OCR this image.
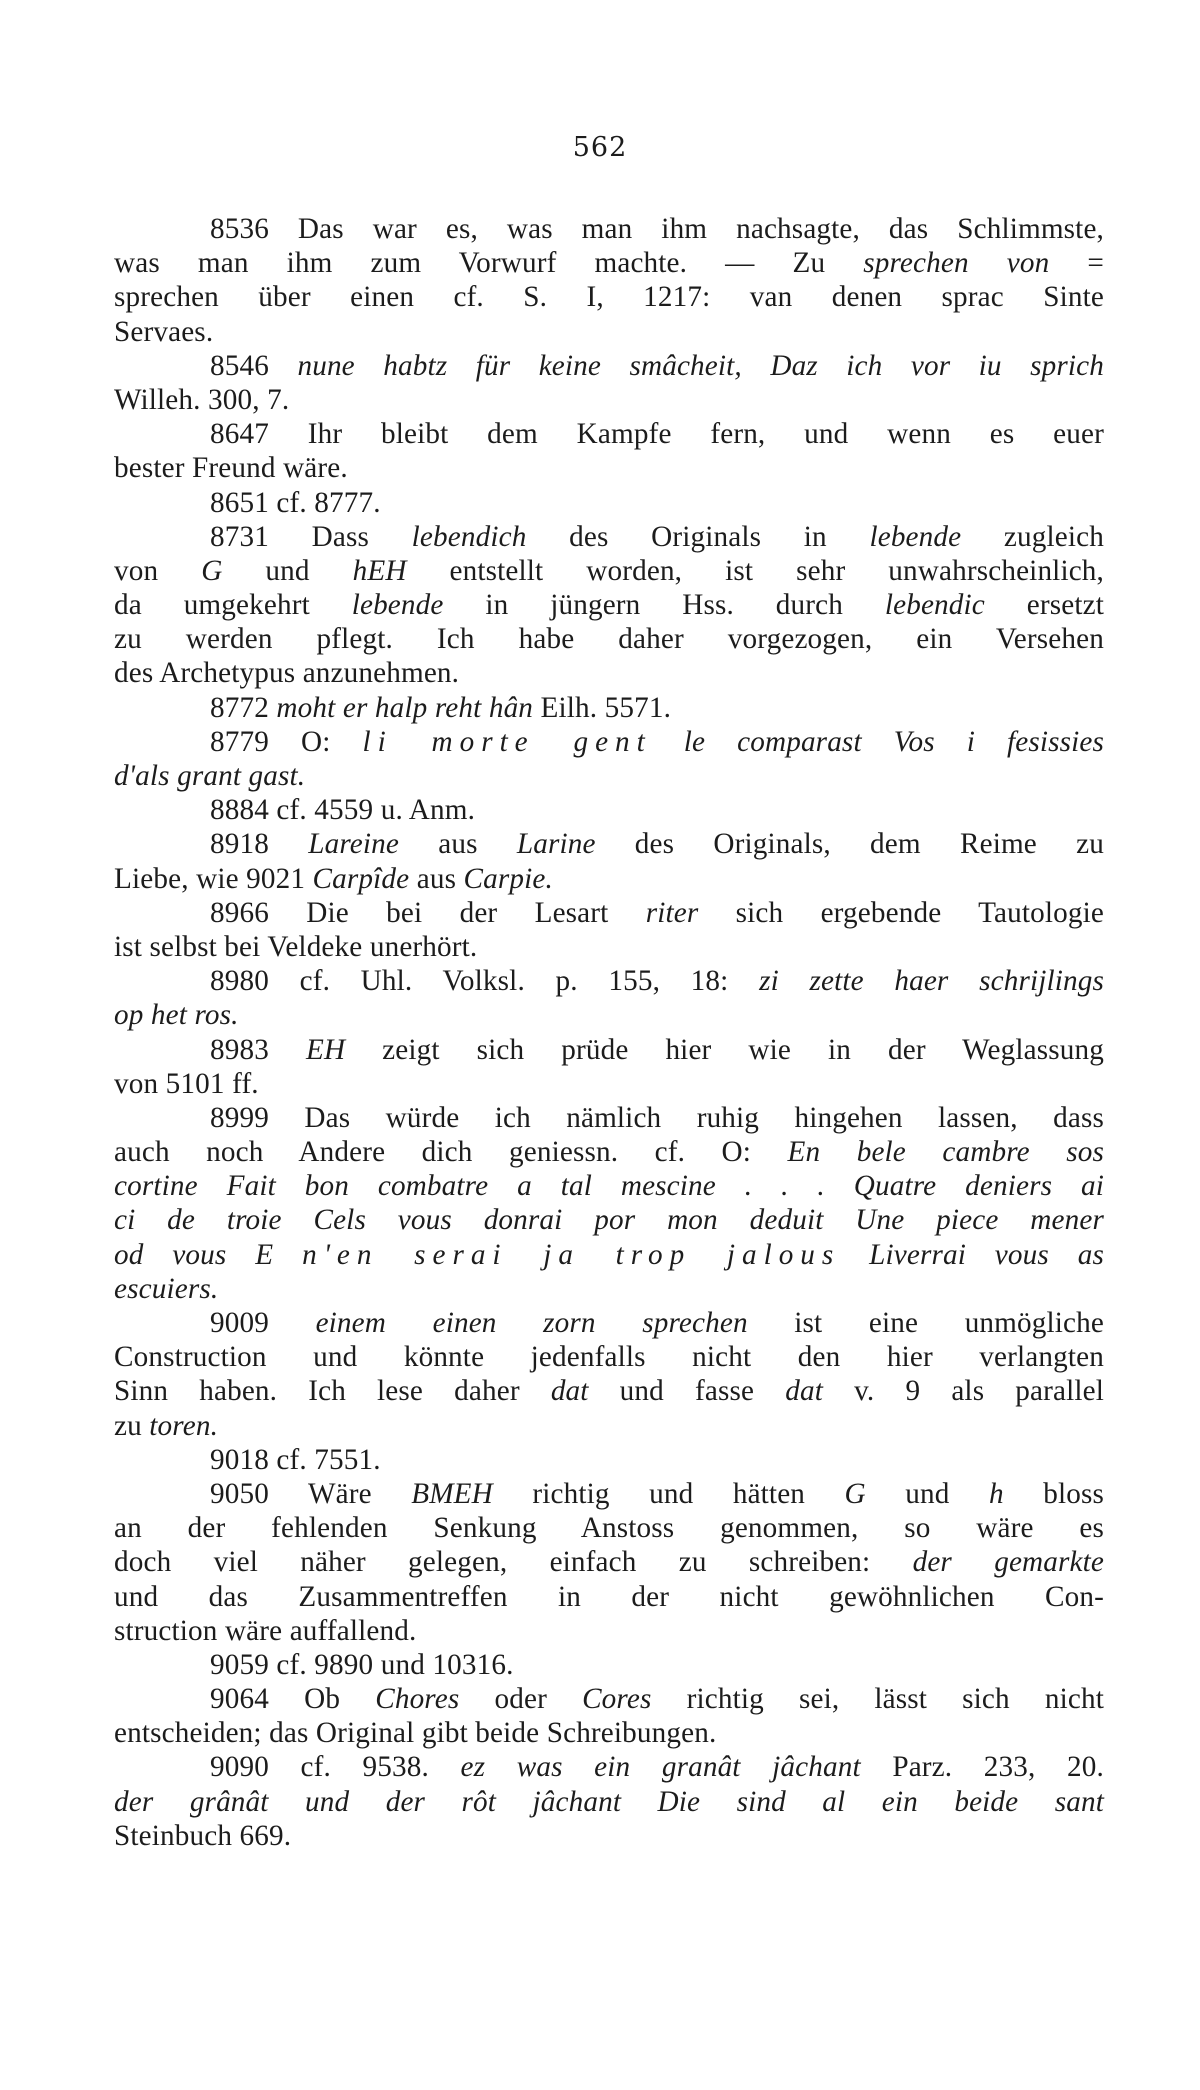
562
8536 Das war es, was man ihm nachsagte, das Schlimmste,
was man ihm zum Vorwurf machte. — Zu sprechen von =
sprechen über einen cf. S. I, 1217: van denen sprac Sinte
Servaes.
8546 nune habtz für keine smâcheit, Daz ich vor iu sprich
Willeh. 300, 7.
8647 Ihr bleibt dem Kampfe fern, und wenn es euer
bester Freund wäre.
8651 cf. 8777.
8731 Dass lebendich des Originals in lebende zugleich
von G und hEH entstellt worden, ist sehr unwahrscheinlich,
da umgekehrt lebende in jüngern Hss. durch lebendic ersetzt
zu werden pflegt. Ich habe daher vorgezogen, ein Versehen
des Archetypus anzunehmen.
8772 moht er halp reht hân Eilh. 5571.
8779 O: li morte gent le comparast Vos i fesissies
d'als grant gast.
8884 cf. 4559 u. Anm.
8918 Lareine aus Larine des Originals, dem Reime zu
Liebe, wie 9021 Carpîde aus Carpie.
8966 Die bei der Lesart riter sich ergebende Tautologie
ist selbst bei Veldeke unerhört.
8980 cf. Uhl. Volksl. p. 155, 18: zi zette haer schrijlings
op het ros.
8983 EH zeigt sich prüde hier wie in der Weglassung
von 5101 ff.
8999 Das würde ich nämlich ruhig hingehen lassen, dass
auch noch Andere dich geniessn. cf. O: En bele cambre sos
cortine Fait bon combatre a tal mescine . . . Quatre deniers ai
ci de troie Cels vous donrai por mon deduit Une piece mener
od vous E n'en serai ja trop jalous Liverrai vous as
escuiers.
9009 einem einen zorn sprechen ist eine unmögliche
Construction und könnte jedenfalls nicht den hier verlangten
Sinn haben. Ich lese daher dat und fasse dat v. 9 als parallel
zu toren.
9018 cf. 7551.
9050 Wäre BMEH richtig und hätten G und h bloss
an der fehlenden Senkung Anstoss genommen, so wäre es
doch viel näher gelegen, einfach zu schreiben: der gemarkte
und das Zusammentreffen in der nicht gewöhnlichen Con-
struction wäre auffallend.
9059 cf. 9890 und 10316.
9064 Ob Chores oder Cores richtig sei, lässt sich nicht
entscheiden; das Original gibt beide Schreibungen.
9090 cf. 9538. ez was ein granât jâchant Parz. 233, 20.
der grânât und der rôt jâchant Die sind al ein beide sant
Steinbuch 669.
